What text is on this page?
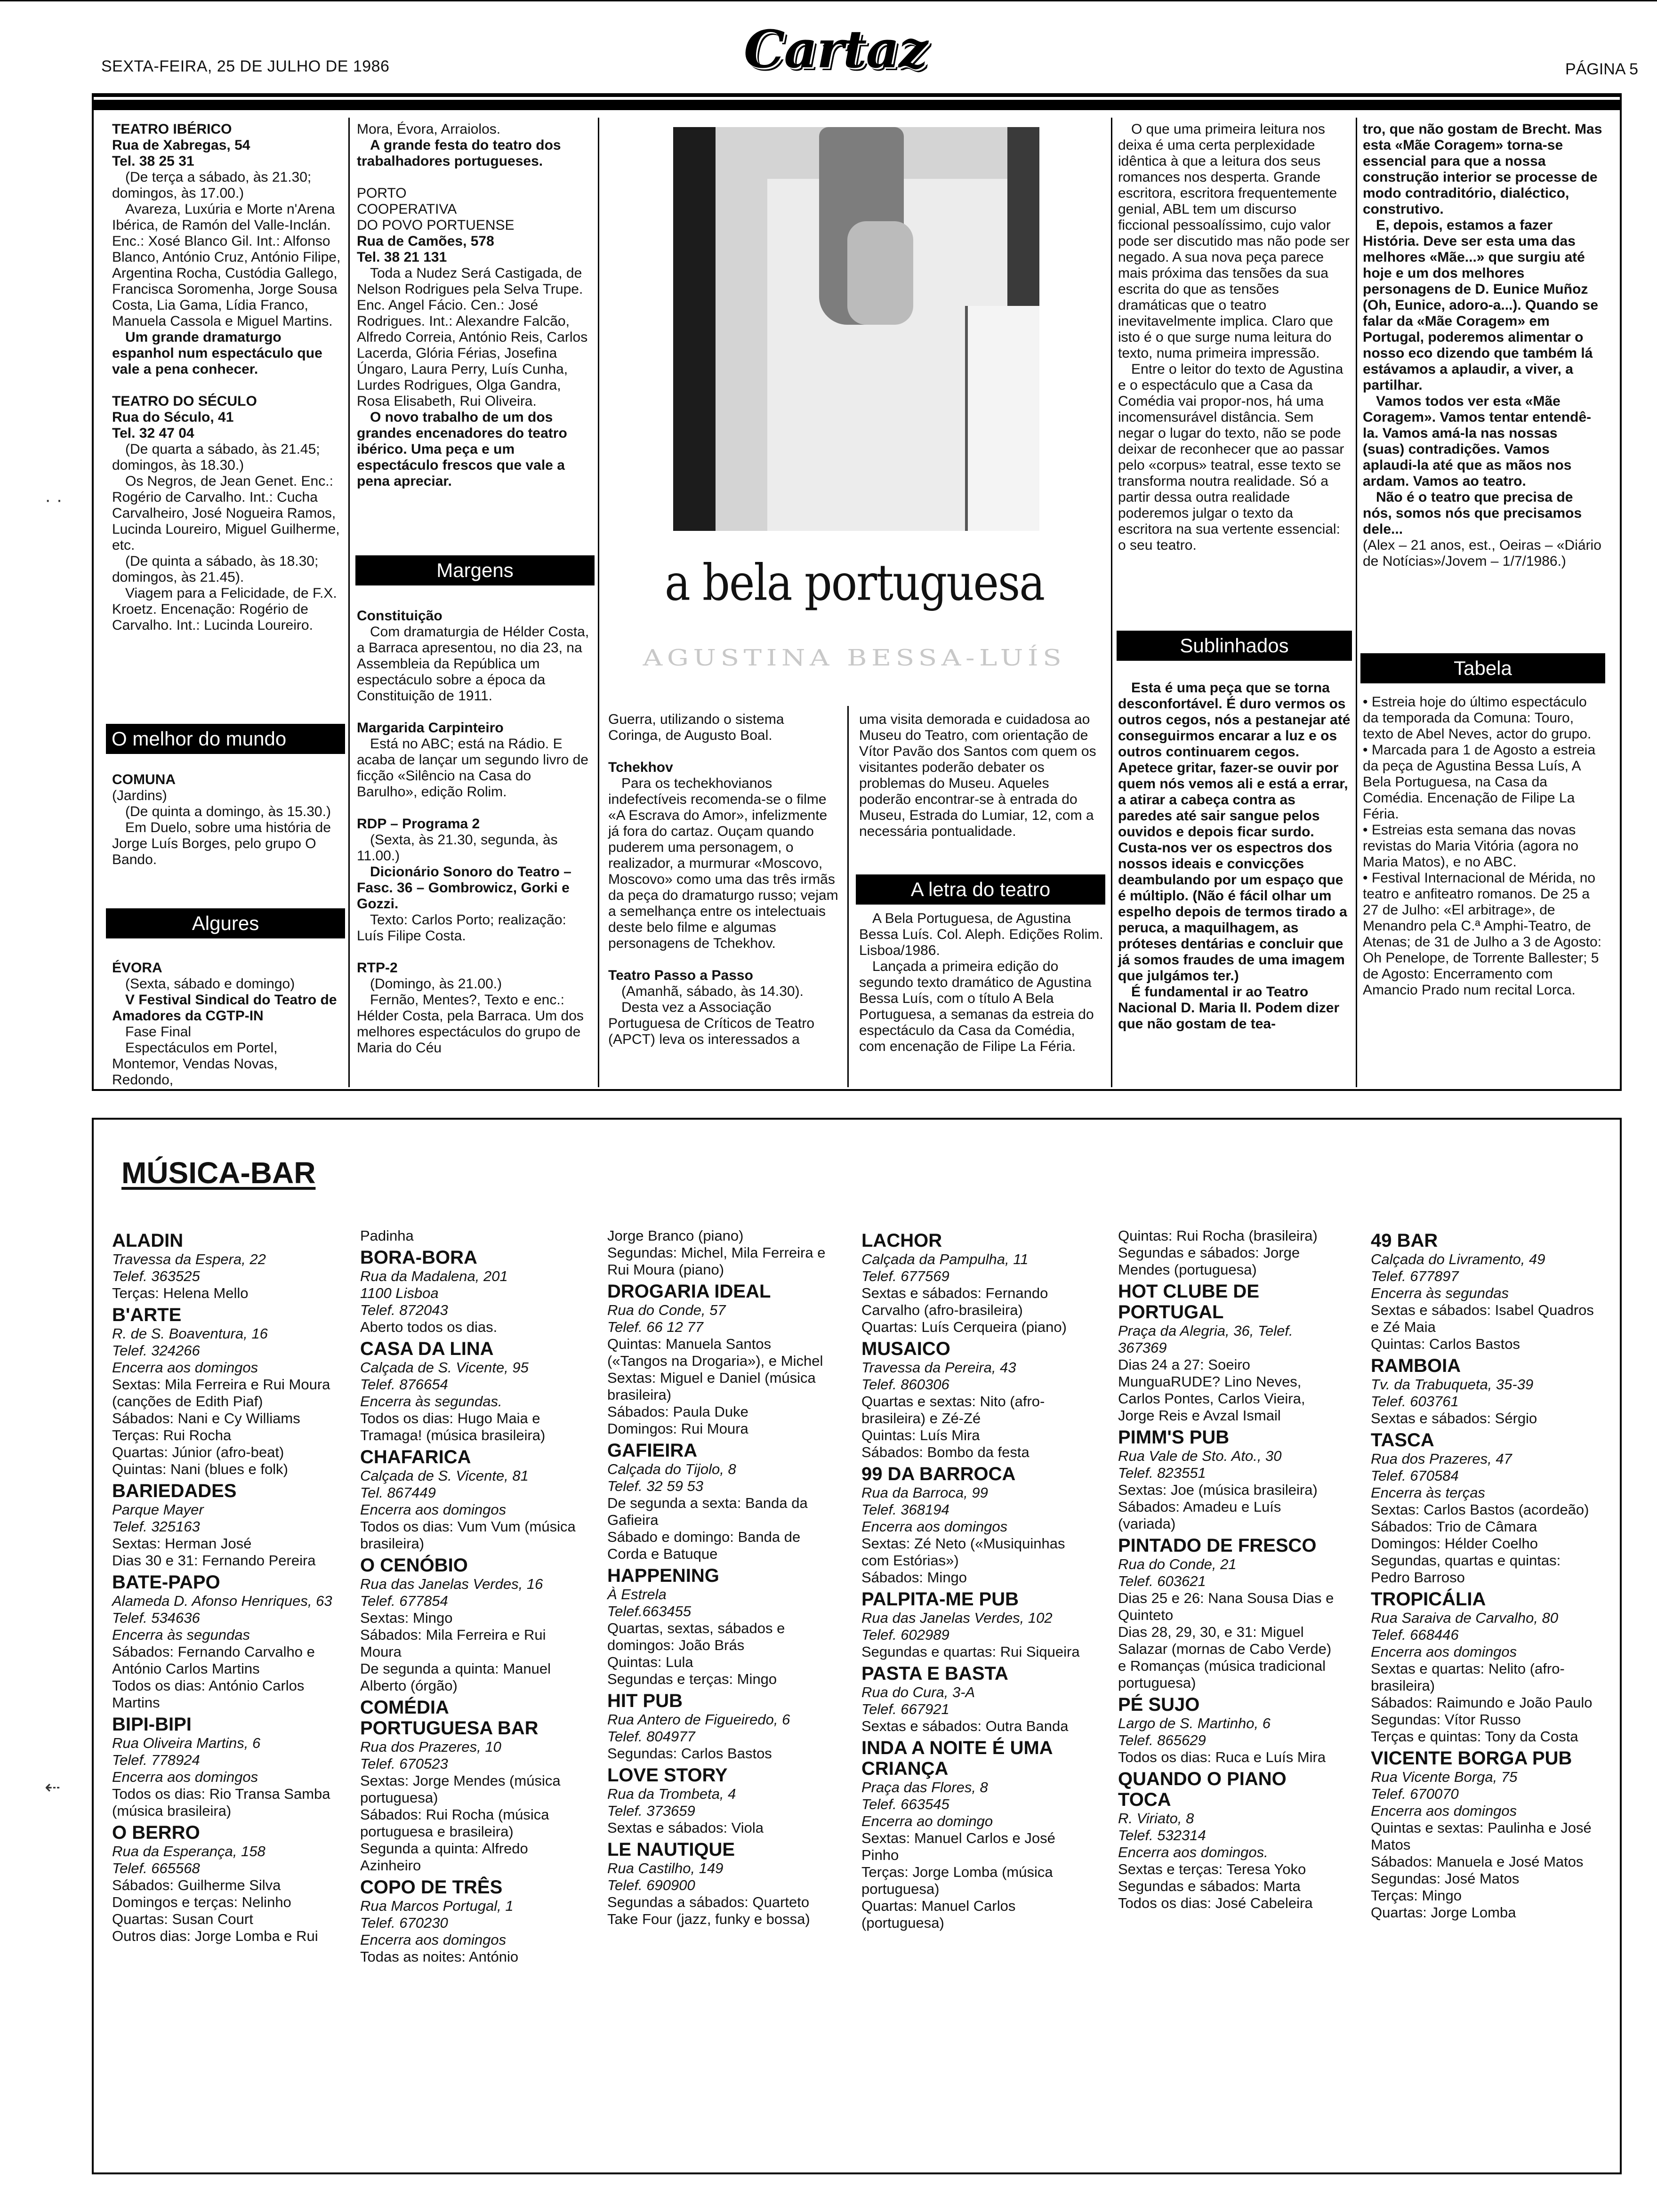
SEXTA-FEIRA, 25 DE JULHO DE 1986	Cartaz	PÁGINA 5

TEATRO IBÉRICO

Rua de Xabregas, 54

Tel. 38 25 31

(De terça a sábado, às 21.30; domingos, às 17.00.)

Avareza, Luxúria e Morte n'Arena Ibérica, de Ramón del Valle-Inclán. Enc.: Xosé Blanco Gil. Int.: Alfonso Blanco, António Cruz, António Filipe, Argentina Rocha, Custódia Gallego, Francisca Soromenha, Jorge Sousa Costa, Lia Gama, Lídia Franco, Manuela Cassola e Miguel Martins.

Um grande dramaturgo espanhol num espectáculo que vale a pena conhecer.

TEATRO DO SÉCULO

Rua do Século, 41

Tel. 32 47 04

(De quarta a sábado, às 21.45; domingos, às 18.30.)

Os Negros, de Jean Genet. Enc.: Rogério de Carvalho. Int.: Cucha Carvalheiro, José Nogueira Ramos, Lucinda Loureiro, Miguel Guilherme, etc.

(De quinta a sábado, às 18.30; domingos, às 21.45).

Viagem para a Felicidade, de F.X. Kroetz. Encenação: Rogério de Carvalho. Int.: Lucinda Loureiro.

O melhor do mundo

COMUNA

(Jardins)

(De quinta a domingo, às 15.30.)

Em Duelo, sobre uma história de Jorge Luís Borges, pelo grupo O Bando.

Algures

ÉVORA

(Sexta, sábado e domingo)

V Festival Sindical do Teatro de Amadores da CGTP-IN

Fase Final

Espectáculos em Portel, Montemor, Vendas Novas, Redondo,

Mora, Évora, Arraiolos.

A grande festa do teatro dos trabalhadores portugueses.

PORTO

COOPERATIVA

DO POVO PORTUENSE

Rua de Camões, 578

Tel. 38 21 131

Toda a Nudez Será Castigada, de Nelson Rodrigues pela Selva Trupe. Enc. Angel Fácio. Cen.: José Rodrigues. Int.: Alexandre Falcão, Alfredo Correia, António Reis, Carlos Lacerda, Glória Férias, Josefina Úngaro, Laura Perry, Luís Cunha, Lurdes Rodrigues, Olga Gandra, Rosa Elisabeth, Rui Oliveira.

O novo trabalho de um dos grandes encenadores do teatro ibérico. Uma peça e um espectáculo frescos que vale a pena apreciar.

Margens

Constituição

Com dramaturgia de Hélder Costa, a Barraca apresentou, no dia 23, na Assembleia da República um espectáculo sobre a época da Constituição de 1911.

Margarida Carpinteiro

Está no ABC; está na Rádio. E acaba de lançar um segundo livro de ficção «Silêncio na Casa do Barulho», edição Rolim.

RDP – Programa 2

(Sexta, às 21.30, segunda, às 11.00.)

Dicionário Sonoro do Teatro – Fasc. 36 – Gombrowicz, Gorki e Gozzi.

Texto: Carlos Porto; realização: Luís Filipe Costa.

RTP-2

(Domingo, às 21.00.)

Fernão, Mentes?, Texto e enc.: Hélder Costa, pela Barraca. Um dos melhores espectáculos do grupo de Maria do Céu

a bela portuguesa
AGUSTINA BESSA-LUÍS

Guerra, utilizando o sistema Coringa, de Augusto Boal.

Tchekhov

Para os techekhovianos indefectíveis recomenda-se o filme «A Escrava do Amor», infelizmente já fora do cartaz. Ouçam quando puderem uma personagem, o realizador, a murmurar «Moscovo, Moscovo» como uma das três irmãs da peça do dramaturgo russo; vejam a semelhança entre os intelectuais deste belo filme e algumas personagens de Tchekhov.

Teatro Passo a Passo

(Amanhã, sábado, às 14.30).

Desta vez a Associação Portuguesa de Críticos de Teatro (APCT) leva os interessados a

uma visita demorada e cuidadosa ao Museu do Teatro, com orientação de Vítor Pavão dos Santos com quem os visitantes poderão debater os problemas do Museu. Aqueles poderão encontrar-se à entrada do Museu, Estrada do Lumiar, 12, com a necessária pontualidade.

A letra do teatro

A Bela Portuguesa, de Agustina Bessa Luís. Col. Aleph. Edições Rolim. Lisboa/1986.

Lançada a primeira edição do segundo texto dramático de Agustina Bessa Luís, com o título A Bela Portuguesa, a semanas da estreia do espectáculo da Casa da Comédia, com encenação de Filipe La Féria.

O que uma primeira leitura nos deixa é uma certa perplexidade idêntica à que a leitura dos seus romances nos desperta. Grande escritora, escritora frequentemente genial, ABL tem um discurso ficcional pessoalíssimo, cujo valor pode ser discutido mas não pode ser negado. A sua nova peça parece mais próxima das tensões da sua escrita do que as tensões dramáticas que o teatro inevitavelmente implica. Claro que isto é o que surge numa leitura do texto, numa primeira impressão.

Entre o leitor do texto de Agustina e o espectáculo que a Casa da Comédia vai propor-nos, há uma incomensurável distância. Sem negar o lugar do texto, não se pode deixar de reconhecer que ao passar pelo «corpus» teatral, esse texto se transforma noutra realidade. Só a partir dessa outra realidade poderemos julgar o texto da escritora na sua vertente essencial: o seu teatro.

Sublinhados

Esta é uma peça que se torna desconfortável. É duro vermos os outros cegos, nós a pestanejar até conseguirmos encarar a luz e os outros continuarem cegos. Apetece gritar, fazer-se ouvir por quem nós vemos ali e está a errar, a atirar a cabeça contra as paredes até sair sangue pelos ouvidos e depois ficar surdo. Custa-nos ver os espectros dos nossos ideais e convicções deambulando por um espaço que é múltiplo. (Não é fácil olhar um espelho depois de termos tirado a peruca, a maquilhagem, as próteses dentárias e concluir que já somos fraudes de uma imagem que julgámos ter.)

É fundamental ir ao Teatro Nacional D. Maria II. Podem dizer que não gostam de tea-

tro, que não gostam de Brecht. Mas esta «Mãe Coragem» torna-se essencial para que a nossa construção interior se processe de modo contraditório, dialéctico, construtivo.

E, depois, estamos a fazer História. Deve ser esta uma das melhores «Mãe...» que surgiu até hoje e um dos melhores personagens de D. Eunice Muñoz (Oh, Eunice, adoro-a...). Quando se falar da «Mãe Coragem» em Portugal, poderemos alimentar o nosso eco dizendo que também lá estávamos a aplaudir, a viver, a partilhar.

Vamos todos ver esta «Mãe Coragem». Vamos tentar entendê-la. Vamos amá-la nas nossas (suas) contradições. Vamos aplaudi-la até que as mãos nos ardam. Vamos ao teatro.

Não é o teatro que precisa de nós, somos nós que precisamos dele...

(Alex – 21 anos, est., Oeiras – «Diário de Notícias»/Jovem – 1/7/1986.)

Tabela

• Estreia hoje do último espectáculo da temporada da Comuna: Touro, texto de Abel Neves, actor do grupo.

• Marcada para 1 de Agosto a estreia da peça de Agustina Bessa Luís, A Bela Portuguesa, na Casa da Comédia. Encenação de Filipe La Féria.

• Estreias esta semana das novas revistas do Maria Vitória (agora no Maria Matos), e no ABC.

• Festival Internacional de Mérida, no teatro e anfiteatro romanos. De 25 a 27 de Julho: «El arbitrage», de Menandro pela C.ª Amphi-Teatro, de Atenas; de 31 de Julho a 3 de Agosto: Oh Penelope, de Torrente Ballester; 5 de Agosto: Encerramento com Amancio Prado num recital Lorca.

MÚSICA-BAR

ALADIN

Travessa da Espera, 22

Telef. 363525

Terças: Helena Mello

B'ARTE

R. de S. Boaventura, 16

Telef. 324266

Encerra aos domingos

Sextas: Mila Ferreira e Rui Moura (canções de Edith Piaf)

Sábados: Nani e Cy Williams

Terças: Rui Rocha

Quartas: Júnior (afro-beat)

Quintas: Nani (blues e folk)

BARIEDADES

Parque Mayer

Telef. 325163

Sextas: Herman José

Dias 30 e 31: Fernando Pereira

BATE-PAPO

Alameda D. Afonso Henriques, 63

Telef. 534636

Encerra às segundas

Sábados: Fernando Carvalho e António Carlos Martins

Todos os dias: António Carlos Martins

BIPI-BIPI

Rua Oliveira Martins, 6

Telef. 778924

Encerra aos domingos

Todos os dias: Rio Transa Samba (música brasileira)

O BERRO

Rua da Esperança, 158

Telef. 665568

Sábados: Guilherme Silva

Domingos e terças: Nelinho

Quartas: Susan Court

Outros dias: Jorge Lomba e Rui

Padinha

BORA-BORA

Rua da Madalena, 201

1100 Lisboa

Telef. 872043

Aberto todos os dias.

CASA DA LINA

Calçada de S. Vicente, 95

Telef. 876654

Encerra às segundas.

Todos os dias: Hugo Maia e Tramaga! (música brasileira)

CHAFARICA

Calçada de S. Vicente, 81

Tel. 867449

Encerra aos domingos

Todos os dias: Vum Vum (música brasileira)

O CENÓBIO

Rua das Janelas Verdes, 16

Telef. 677854

Sextas: Mingo

Sábados: Mila Ferreira e Rui Moura

De segunda a quinta: Manuel Alberto (órgão)

COMÉDIA PORTUGUESA BAR

Rua dos Prazeres, 10

Telef. 670523

Sextas: Jorge Mendes (música portuguesa)

Sábados: Rui Rocha (música portuguesa e brasileira)

Segunda a quinta: Alfredo Azinheiro

COPO DE TRÊS

Rua Marcos Portugal, 1

Telef. 670230

Encerra aos domingos

Todas as noites: António

Jorge Branco (piano)

Segundas: Michel, Mila Ferreira e Rui Moura (piano)

DROGARIA IDEAL

Rua do Conde, 57

Telef. 66 12 77

Quintas: Manuela Santos («Tangos na Drogaria»), e Michel

Sextas: Miguel e Daniel (música brasileira)

Sábados: Paula Duke

Domingos: Rui Moura

GAFIEIRA

Calçada do Tijolo, 8

Telef. 32 59 53

De segunda a sexta: Banda da Gafieira

Sábado e domingo: Banda de Corda e Batuque

HAPPENING

À Estrela

Telef.663455

Quartas, sextas, sábados e domingos: João Brás

Quintas: Lula

Segundas e terças: Mingo

HIT PUB

Rua Antero de Figueiredo, 6

Telef. 804977

Segundas: Carlos Bastos

LOVE STORY

Rua da Trombeta, 4

Telef. 373659

Sextas e sábados: Viola

LE NAUTIQUE

Rua Castilho, 149

Telef. 690900

Segundas a sábados: Quarteto Take Four (jazz, funky e bossa)

LACHOR

Calçada da Pampulha, 11

Telef. 677569

Sextas e sábados: Fernando Carvalho (afro-brasileira)

Quartas: Luís Cerqueira (piano)

MUSAICO

Travessa da Pereira, 43

Telef. 860306

Quartas e sextas: Nito (afro-brasileira) e Zé-Zé

Quintas: Luís Mira

Sábados: Bombo da festa

99 DA BARROCA

Rua da Barroca, 99

Telef. 368194

Encerra aos domingos

Sextas: Zé Neto («Musiquinhas com Estórias»)

Sábados: Mingo

PALPITA-ME PUB

Rua das Janelas Verdes, 102

Telef. 602989

Segundas e quartas: Rui Siqueira

PASTA E BASTA

Rua do Cura, 3-A

Telef. 667921

Sextas e sábados: Outra Banda

INDA A NOITE É UMA CRIANÇA

Praça das Flores, 8

Telef. 663545

Encerra ao domingo

Sextas: Manuel Carlos e José Pinho

Terças: Jorge Lomba (música portuguesa)

Quartas: Manuel Carlos (portuguesa)

Quintas: Rui Rocha (brasileira)

Segundas e sábados: Jorge Mendes (portuguesa)

HOT CLUBE DE PORTUGAL

Praça da Alegria, 36, Telef. 367369

Dias 24 a 27: Soeiro MunguaRUDE? Lino Neves, Carlos Pontes, Carlos Vieira, Jorge Reis e Avzal Ismail

PIMM'S PUB

Rua Vale de Sto. Ato., 30

Telef. 823551

Sextas: Joe (música brasileira)

Sábados: Amadeu e Luís (variada)

PINTADO DE FRESCO

Rua do Conde, 21

Telef. 603621

Dias 25 e 26: Nana Sousa Dias e Quinteto

Dias 28, 29, 30, e 31: Miguel Salazar (mornas de Cabo Verde) e Romanças (música tradicional portuguesa)

PÉ SUJO

Largo de S. Martinho, 6

Telef. 865629

Todos os dias: Ruca e Luís Mira

QUANDO O PIANO TOCA

R. Viriato, 8

Telef. 532314

Encerra aos domingos.

Sextas e terças: Teresa Yoko

Segundas e sábados: Marta

Todos os dias: José Cabeleira

49 BAR

Calçada do Livramento, 49

Telef. 677897

Encerra às segundas

Sextas e sábados: Isabel Quadros e Zé Maia

Quintas: Carlos Bastos

RAMBOIA

Tv. da Trabuqueta, 35-39

Telef. 603761

Sextas e sábados: Sérgio

TASCA

Rua dos Prazeres, 47

Telef. 670584

Encerra às terças

Sextas: Carlos Bastos (acordeão)

Sábados: Trio de Câmara

Domingos: Hélder Coelho

Segundas, quartas e quintas: Pedro Barroso

TROPICÁLIA

Rua Saraiva de Carvalho, 80

Telef. 668446

Encerra aos domingos

Sextas e quartas: Nelito (afro-brasileira)

Sábados: Raimundo e João Paulo

Segundas: Vítor Russo

Terças e quintas: Tony da Costa

VICENTE BORGA PUB

Rua Vicente Borga, 75

Telef. 670070

Encerra aos domingos

Quintas e sextas: Paulinha e José Matos

Sábados: Manuela e José Matos

Segundas: José Matos

Terças: Mingo

Quartas: Jorge Lomba

· ·
⇠
